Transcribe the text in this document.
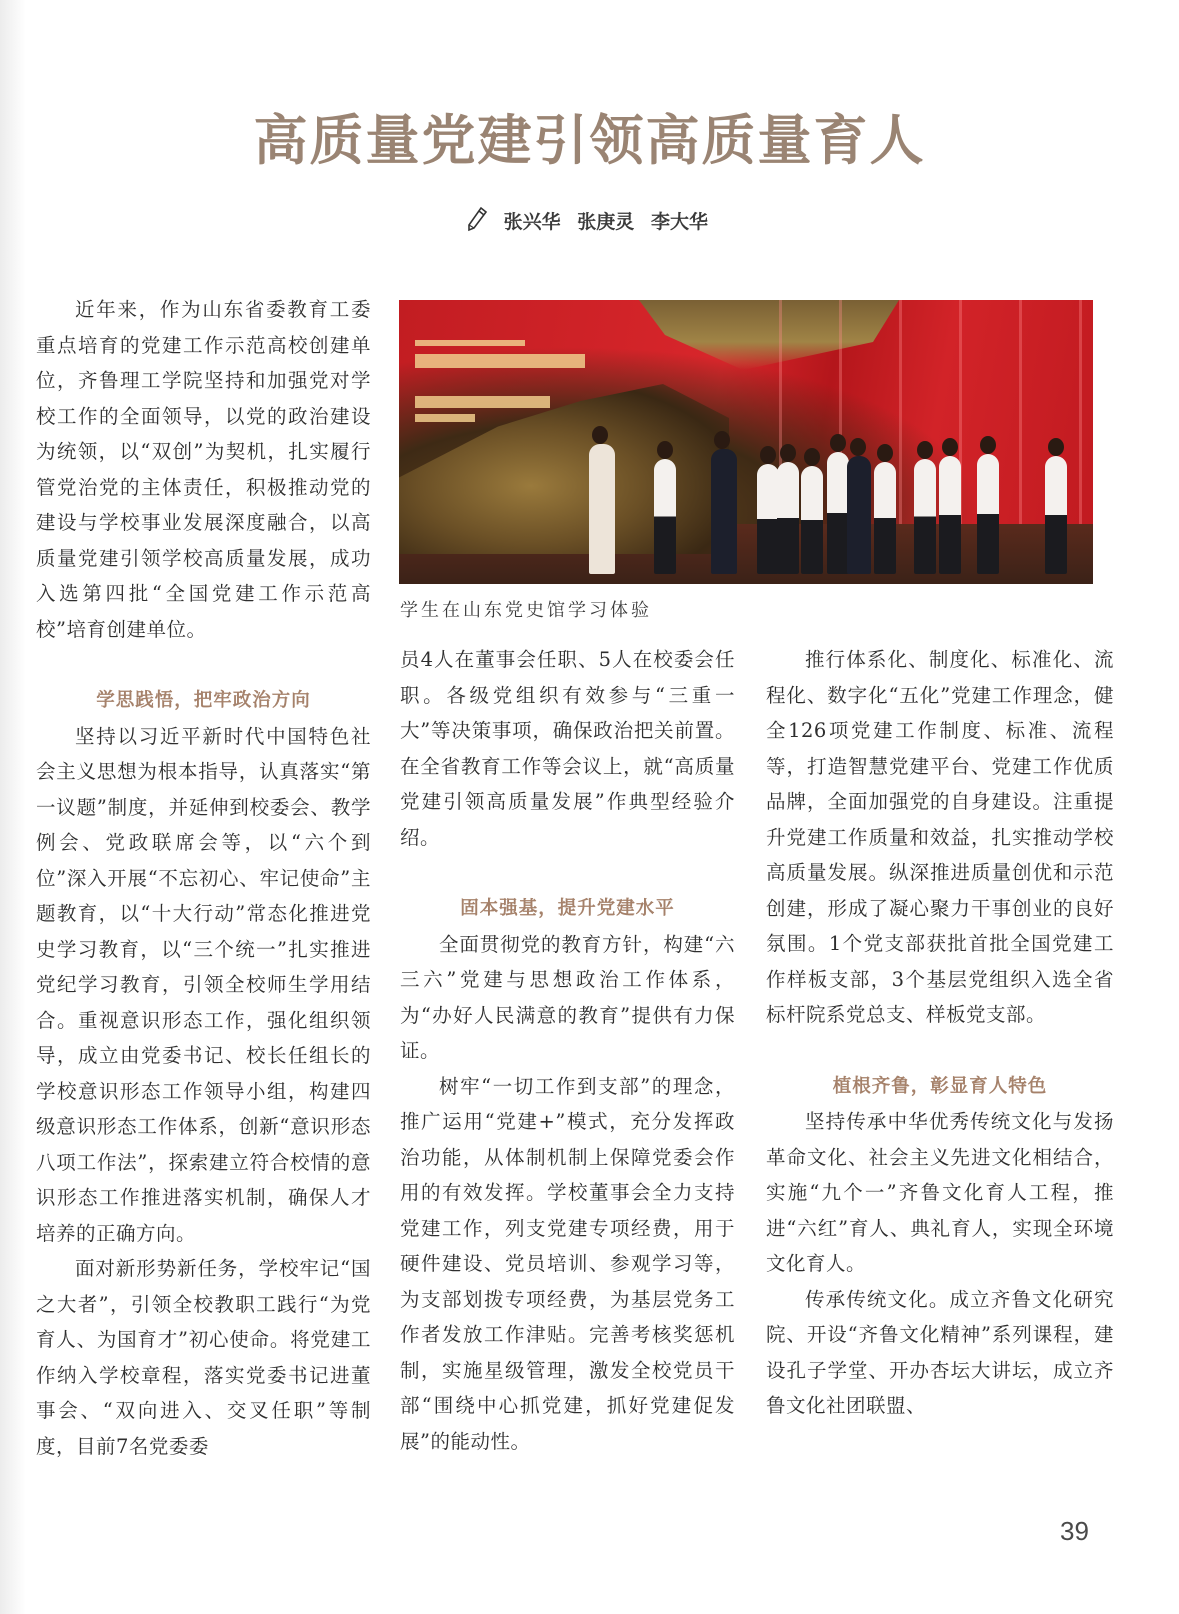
高质量党建引领高质量育人
张兴华 张庚灵 李大华
学生在山东党史馆学习体验

近年来，作为山东省委教育工委重点培育的党建工作示范高校创建单位，齐鲁理工学院坚持和加强党对学校工作的全面领导，以党的政治建设为统领，以“双创”为契机，扎实履行管党治党的主体责任，积极推动党的建设与学校事业发展深度融合，以高质量党建引领学校高质量发展，成功入选第四批“全国党建工作示范高校”培育创建单位。

学思践悟，把牢政治方向

坚持以习近平新时代中国特色社会主义思想为根本指导，认真落实“第一议题”制度，并延伸到校委会、教学例会、党政联席会等，以“六个到位”深入开展“不忘初心、牢记使命”主题教育，以“十大行动”常态化推进党史学习教育，以“三个统一”扎实推进党纪学习教育，引领全校师生学用结合。重视意识形态工作，强化组织领导，成立由党委书记、校长任组长的学校意识形态工作领导小组，构建四级意识形态工作体系，创新“意识形态八项工作法”，探索建立符合校情的意识形态工作推进落实机制，确保人才培养的正确方向。

面对新形势新任务，学校牢记“国之大者”，引领全校教职工践行“为党育人、为国育才”初心使命。将党建工作纳入学校章程，落实党委书记进董事会、“双向进入、交叉任职”等制度，目前7名党委委

员4人在董事会任职、5人在校委会任职。各级党组织有效参与“三重一大”等决策事项，确保政治把关前置。在全省教育工作等会议上，就“高质量党建引领高质量发展”作典型经验介绍。

固本强基，提升党建水平

全面贯彻党的教育方针，构建“六三六”党建与思想政治工作体系，为“办好人民满意的教育”提供有力保证。

树牢“一切工作到支部”的理念，推广运用“党建+”模式，充分发挥政治功能，从体制机制上保障党委会作用的有效发挥。学校董事会全力支持党建工作，列支党建专项经费，用于硬件建设、党员培训、参观学习等，为支部划拨专项经费，为基层党务工作者发放工作津贴。完善考核奖惩机制，实施星级管理，激发全校党员干部“围绕中心抓党建，抓好党建促发展”的能动性。

推行体系化、制度化、标准化、流程化、数字化“五化”党建工作理念，健全126项党建工作制度、标准、流程等，打造智慧党建平台、党建工作优质品牌，全面加强党的自身建设。注重提升党建工作质量和效益，扎实推动学校高质量发展。纵深推进质量创优和示范创建，形成了凝心聚力干事创业的良好氛围。1个党支部获批首批全国党建工作样板支部，3个基层党组织入选全省标杆院系党总支、样板党支部。

植根齐鲁，彰显育人特色

坚持传承中华优秀传统文化与发扬革命文化、社会主义先进文化相结合，实施“九个一”齐鲁文化育人工程，推进“六红”育人、典礼育人，实现全环境文化育人。

传承传统文化。成立齐鲁文化研究院、开设“齐鲁文化精神”系列课程，建设孔子学堂、开办杏坛大讲坛，成立齐鲁文化社团联盟、

39
